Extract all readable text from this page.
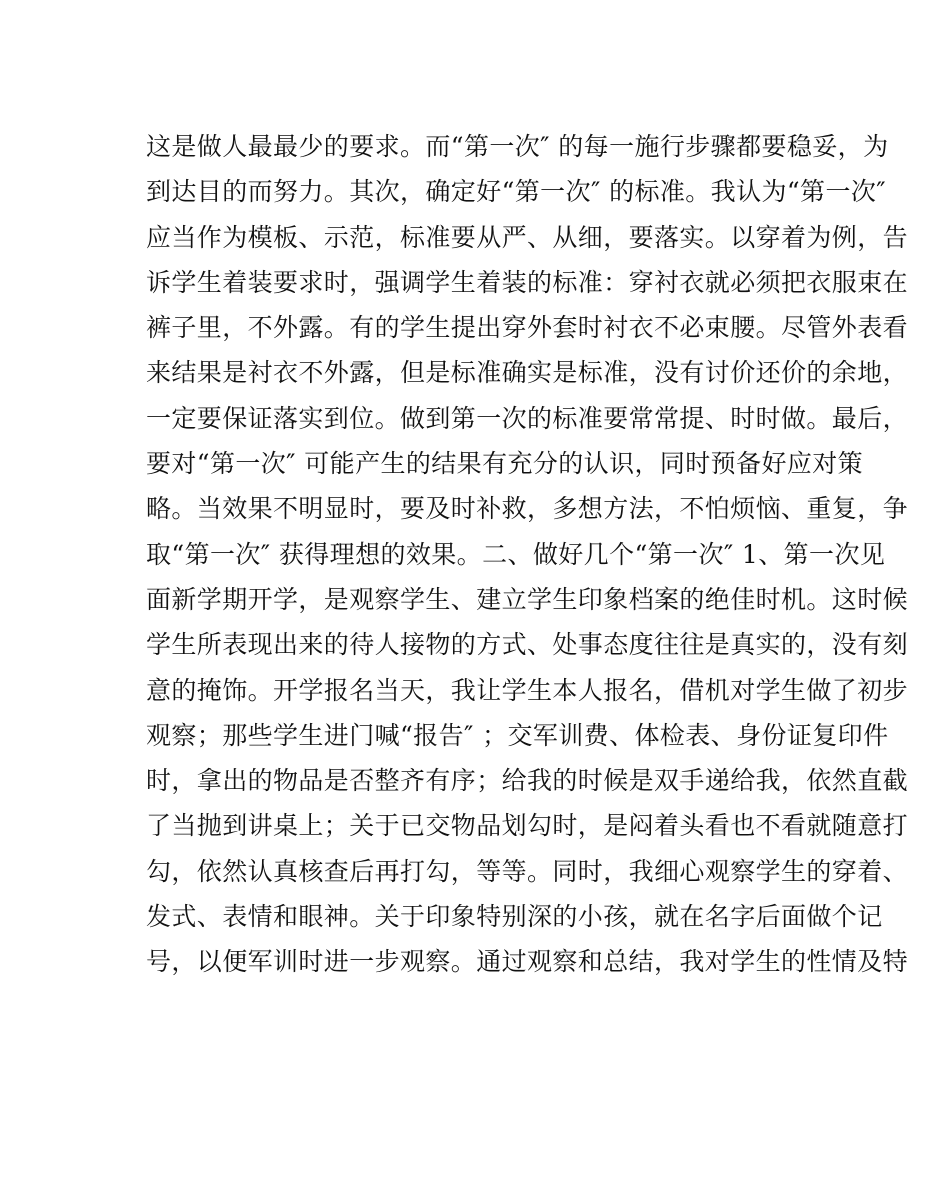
这是做人最最少的要求。而“第一次″ 的每一施行步骤都要稳妥，为
到达目的而努力。其次，确定好“第一次″ 的标准。我认为“第一次″
应当作为模板、示范，标准要从严、从细，要落实。以穿着为例，告
诉学生着装要求时，强调学生着装的标准：穿衬衣就必须把衣服束在
裤子里，不外露。有的学生提出穿外套时衬衣不必束腰。尽管外表看
来结果是衬衣不外露，但是标准确实是标准，没有讨价还价的余地，
一定要保证落实到位。做到第一次的标准要常常提、时时做。最后，
要对“第一次″ 可能产生的结果有充分的认识，同时预备好应对策
略。当效果不明显时，要及时补救，多想方法，不怕烦恼、重复，争
取“第一次″ 获得理想的效果。二、做好几个“第一次″ 1、第一次见
面新学期开学，是观察学生、建立学生印象档案的绝佳时机。这时候
学生所表现出来的待人接物的方式、处事态度往往是真实的，没有刻
意的掩饰。开学报名当天，我让学生本人报名，借机对学生做了初步
观察；那些学生进门喊“报告″ ；交军训费、体检表、身份证复印件
时，拿出的物品是否整齐有序；给我的时候是双手递给我，依然直截
了当抛到讲桌上；关于已交物品划勾时，是闷着头看也不看就随意打
勾，依然认真核查后再打勾，等等。同时，我细心观察学生的穿着、
发式、表情和眼神。关于印象特别深的小孩，就在名字后面做个记
号，以便军训时进一步观察。通过观察和总结，我对学生的性情及特
